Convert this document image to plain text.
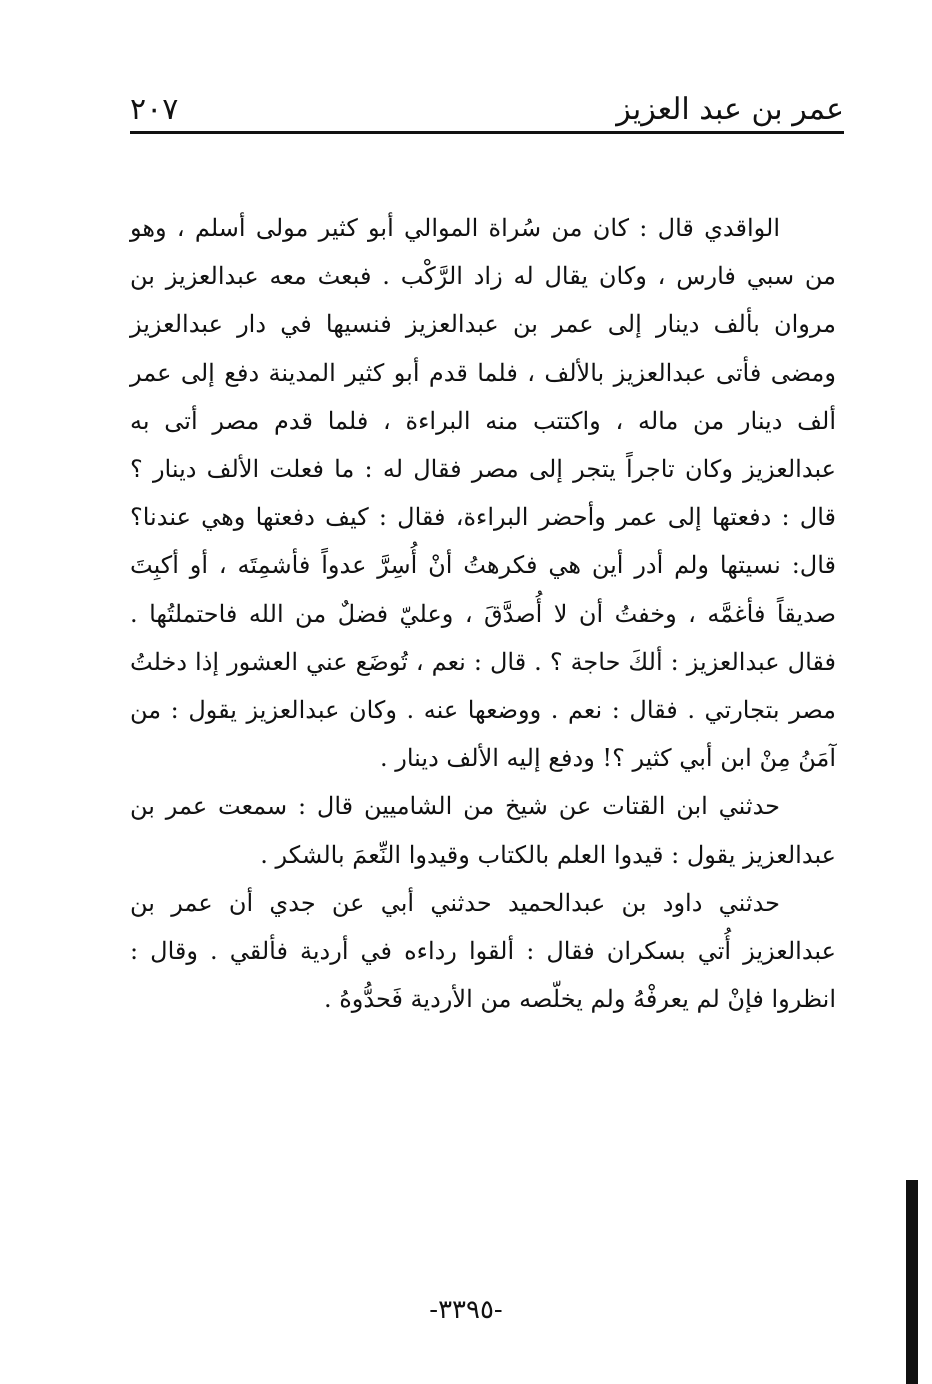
عمر بن عبد العزيز
٢٠٧

الواقدي قال : كان من سُراة الموالي أبو كثير مولى أسلم ، وهو من سبي فارس ، وكان يقال له زاد الرَّكْب . فبعث معه عبدالعزيز بن مروان بألف دينار إلى عمر بن عبدالعزيز فنسيها في دار عبدالعزيز ومضى فأتى عبدالعزيز بالألف ، فلما قدم أبو كثير المدينة دفع إلى عمر ألف دينار من ماله ، واكتتب منه البراءة ، فلما قدم مصر أتى به عبدالعزيز وكان تاجراً يتجر إلى مصر فقال له : ما فعلت الألف دينار ؟ قال : دفعتها إلى عمر وأحضر البراءة، فقال : كيف دفعتها وهي عندنا؟ قال: نسيتها ولم أدر أين هي فكرهتُ أنْ أُسِرَّ عدواً فأشمِتَه ، أو أكبِتَ صديقاً فأغمَّه ، وخفتُ أن لا أُصدَّقَ ، وعليّ فضلٌ من الله فاحتملتُها . فقال عبدالعزيز : ألكَ حاجة ؟ . قال : نعم ، تُوضَع عني العشور إذا دخلتُ مصر بتجارتي . فقال : نعم . ووضعها عنه . وكان عبدالعزيز يقول : من آمَنُ مِنْ ابن أبي كثير ؟! ودفع إليه الألف دينار .

حدثني ابن القتات عن شيخ من الشاميين قال : سمعت عمر بن عبدالعزيز يقول : قيدوا العلم بالكتاب وقيدوا النِّعمَ بالشكر .

حدثني داود بن عبدالحميد حدثني أبي عن جدي أن عمر بن عبدالعزيز أُتي بسكران فقال : ألقوا رداءه في أردية فألقي . وقال : انظروا فإنْ لم يعرفْهُ ولم يخلّصه من الأردية فَحدُّوهُ .

-٣٣٩٥-
